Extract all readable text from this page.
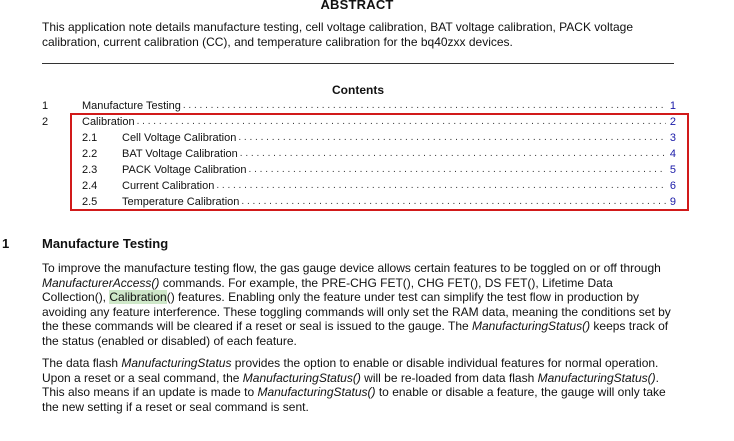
ABSTRACT
This application note details manufacture testing, cell voltage calibration, BAT voltage calibration, PACK voltage calibration, current calibration (CC), and temperature calibration for the bq40zxx devices.
Contents
1	Manufacture Testing . . .	1
2	Calibration . . .	2
2.1 Cell Voltage Calibration . . .	3
2.2 BAT Voltage Calibration . . .	4
2.3 PACK Voltage Calibration . . .	5
2.4 Current Calibration . . .	6
2.5 Temperature Calibration . . .	9
1	Manufacture Testing
To improve the manufacture testing flow, the gas gauge device allows certain features to be toggled on or off through ManufacturerAccess() commands. For example, the PRE-CHG FET(), CHG FET(), DS FET(), Lifetime Data Collection(), Calibration() features. Enabling only the feature under test can simplify the test flow in production by avoiding any feature interference. These toggling commands will only set the RAM data, meaning the conditions set by the these commands will be cleared if a reset or seal is issued to the gauge. The ManufacturingStatus() keeps track of the status (enabled or disabled) of each feature.
The data flash ManufacturingStatus provides the option to enable or disable individual features for normal operation. Upon a reset or a seal command, the ManufacturingStatus() will be re-loaded from data flash ManufacturingStatus(). This also means if an update is made to ManufacturingStatus() to enable or disable a feature, the gauge will only take the new setting if a reset or seal command is sent.
